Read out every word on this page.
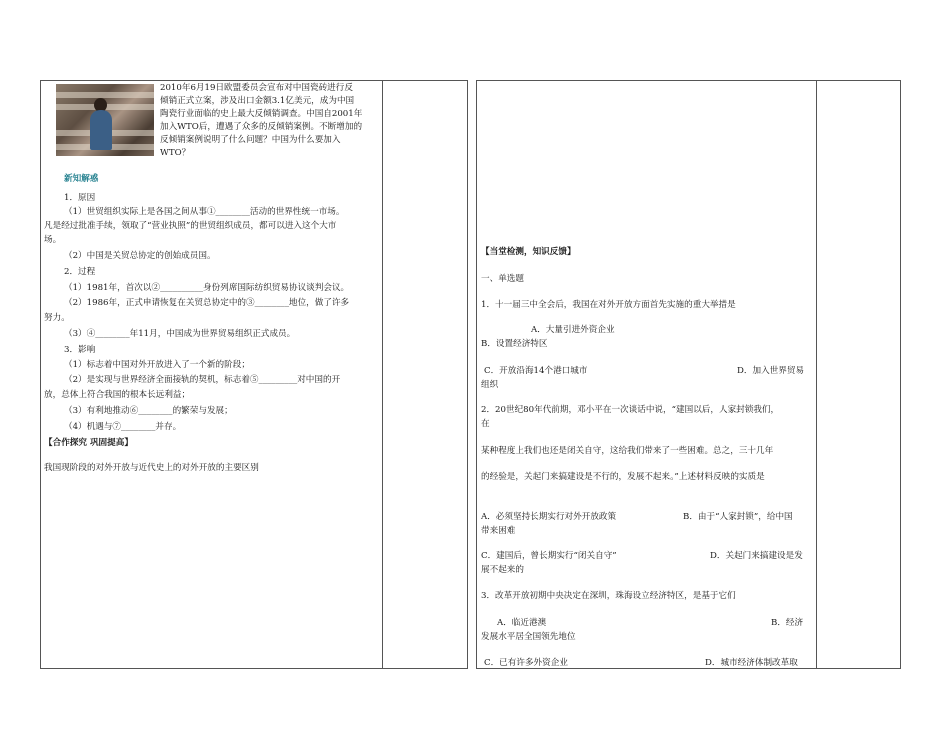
2010年6月19日欧盟委员会宣布对中国瓷砖进行反
倾销正式立案，涉及出口金额3.1亿美元，成为中国
陶瓷行业面临的史上最大反倾销调查。中国自2001年
加入WTO后，遭遇了众多的反倾销案例。不断增加的
反倾销案例说明了什么问题？中国为什么要加入
WTO？
新知解惑
1．原因
（1）世贸组织实际上是各国之间从事①________活动的世界性统一市场。
凡是经过批准手续，领取了“营业执照”的世贸组织成员，都可以进入这个大市
场。
（2）中国是关贸总协定的创始成员国。
2．过程
（1）1981年，首次以②__________身份列席国际纺织贸易协议谈判会议。
（2）1986年，正式申请恢复在关贸总协定中的③________地位，做了许多
努力。
（3）④________年11月，中国成为世界贸易组织正式成员。
3．影响
（1）标志着中国对外开放进入了一个新的阶段；
（2）是实现与世界经济全面接轨的契机，标志着⑤_________对中国的开
放，总体上符合我国的根本长远利益；
（3）有利地推动⑥________的繁荣与发展；
（4）机遇与⑦________并存。
【合作探究 巩固提高】
我国现阶段的对外开放与近代史上的对外开放的主要区别
【当堂检测，知识反馈】
一、单选题
1．十一届三中全会后，我国在对外开放方面首先实施的重大举措是
A．大量引进外资企业
B．设置经济特区
C．开放沿海14个港口城市	D．加入世界贸易
组织
2．20世纪80年代前期，邓小平在一次谈话中说，“建国以后，人家封锁我们，
在
某种程度上我们也还是闭关自守，这给我们带来了一些困难。总之，三十几年
的经验是，关起门来搞建设是不行的，发展不起来。”上述材料反映的实质是
A．必须坚持长期实行对外开放政策	B．由于“人家封锁”，给中国
带来困难
C．建国后，曾长期实行“闭关自守”	D．关起门来搞建设是发
展不起来的
3．改革开放初期中央决定在深圳，珠海设立经济特区，是基于它们
A．临近港澳	B．经济
发展水平居全国领先地位
C．已有许多外资企业	D．城市经济体制改革取
